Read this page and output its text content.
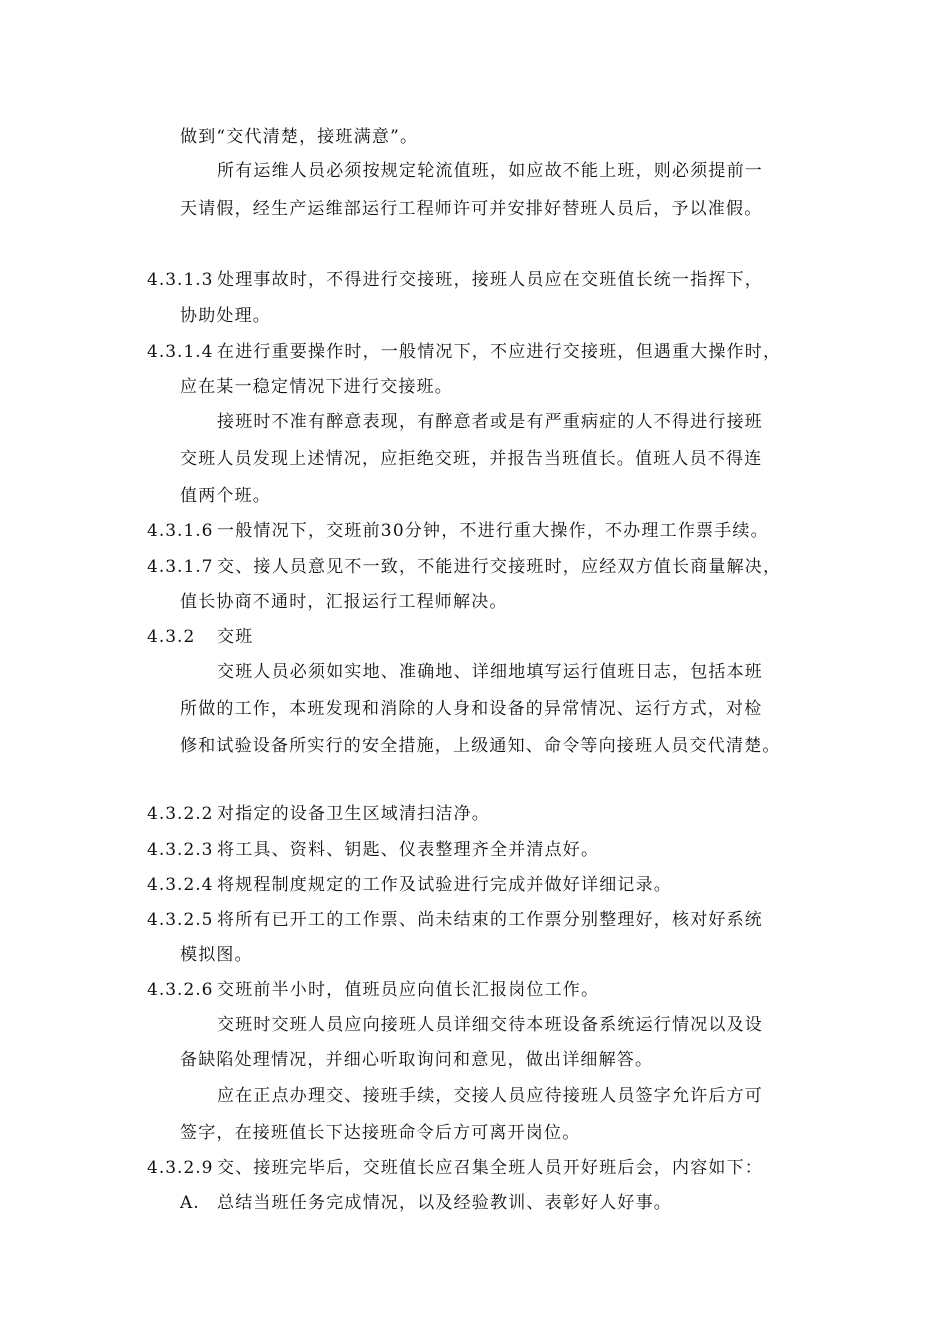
做到“交代清楚，接班满意”。
所有运维人员必须按规定轮流值班，如应故不能上班，则必须提前一
天请假，经生产运维部运行工程师许可并安排好替班人员后，予以准假。
4.3.1.3 处理事故时，不得进行交接班，接班人员应在交班值长统一指挥下，
协助处理。
4.3.1.4 在进行重要操作时，一般情况下，不应进行交接班，但遇重大操作时，
应在某一稳定情况下进行交接班。
接班时不准有醉意表现，有醉意者或是有严重病症的人不得进行接班
交班人员发现上述情况，应拒绝交班，并报告当班值长。值班人员不得连
值两个班。
4.3.1.6 一般情况下，交班前30分钟，不进行重大操作，不办理工作票手续。
4.3.1.7 交、接人员意见不一致，不能进行交接班时，应经双方值长商量解决，
值长协商不通时，汇报运行工程师解决。
4.3.2 交班
交班人员必须如实地、准确地、详细地填写运行值班日志，包括本班
所做的工作，本班发现和消除的人身和设备的异常情况、运行方式，对检
修和试验设备所实行的安全措施，上级通知、命令等向接班人员交代清楚。
4.3.2.2 对指定的设备卫生区域清扫洁净。
4.3.2.3 将工具、资料、钥匙、仪表整理齐全并清点好。
4.3.2.4 将规程制度规定的工作及试验进行完成并做好详细记录。
4.3.2.5 将所有已开工的工作票、尚未结束的工作票分别整理好，核对好系统
模拟图。
4.3.2.6 交班前半小时，值班员应向值长汇报岗位工作。
交班时交班人员应向接班人员详细交待本班设备系统运行情况以及设
备缺陷处理情况，并细心听取询问和意见，做出详细解答。
应在正点办理交、接班手续，交接人员应待接班人员签字允许后方可
签字，在接班值长下达接班命令后方可离开岗位。
4.3.2.9 交、接班完毕后，交班值长应召集全班人员开好班后会，内容如下：
A. 总结当班任务完成情况，以及经验教训、表彰好人好事。
